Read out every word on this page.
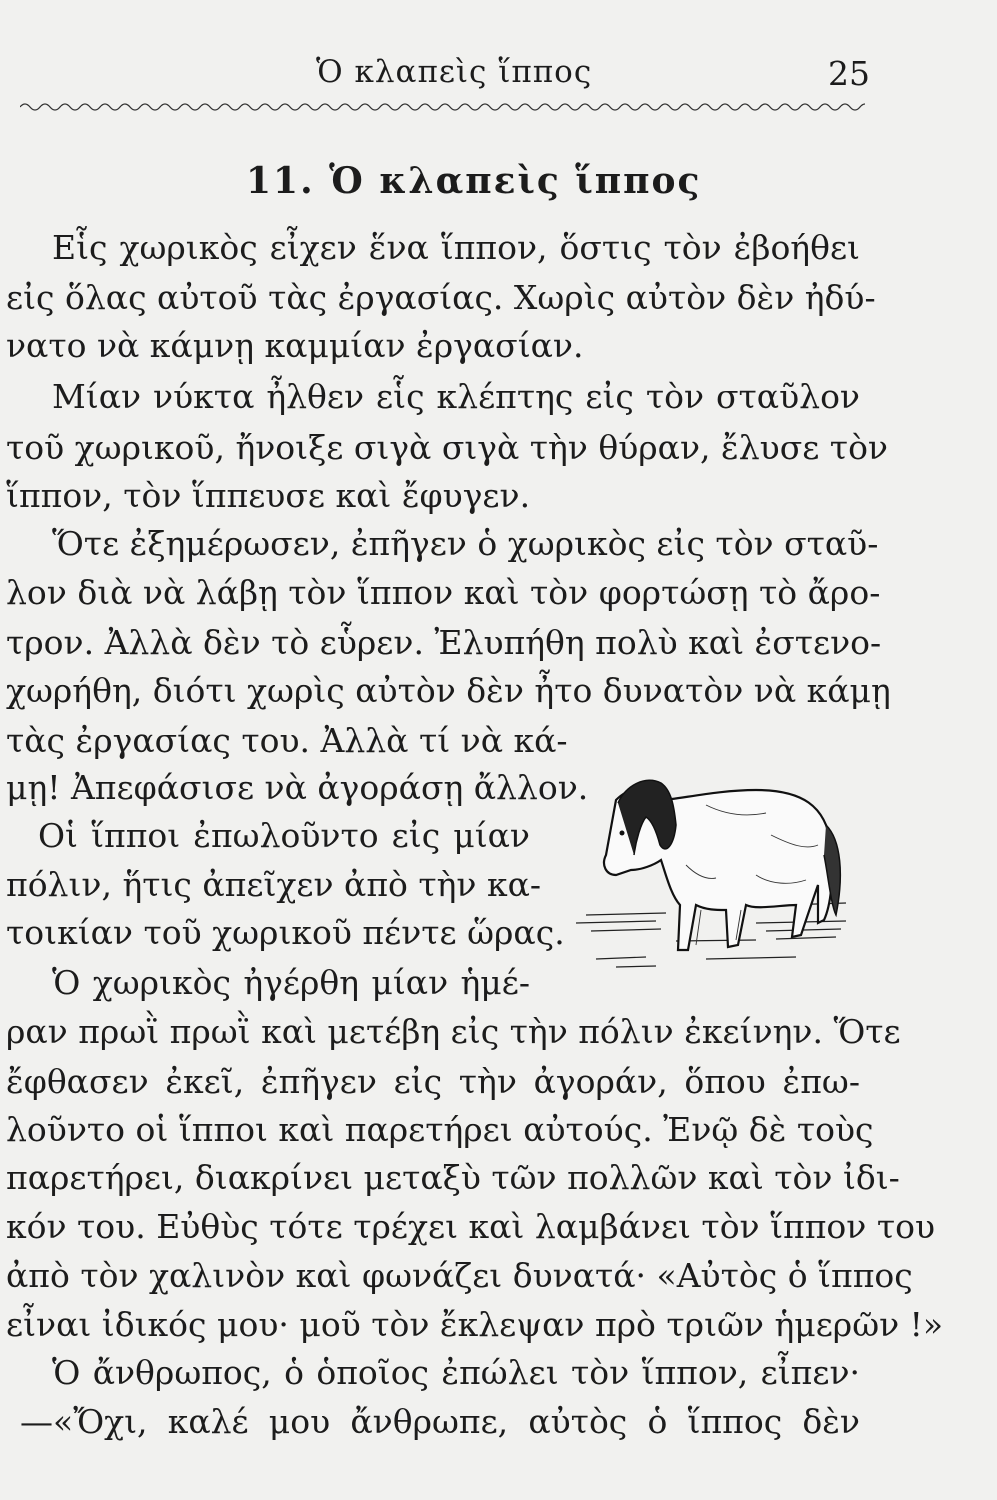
Ὁ κλαπεὶς ἵππος	25
11. Ὁ κλαπεὶς ἵππος
Εἷς χωρικὸς εἶχεν ἕνα ἵππον, ὅστις τὸν ἐβοήθει
εἰς ὅλας αὐτοῦ τὰς ἐργασίας. Χωρὶς αὐτὸν δὲν ἠδύ-
νατο νὰ κάμνῃ καμμίαν ἐργασίαν.
Μίαν νύκτα ἦλθεν εἷς κλέπτης εἰς τὸν σταῦλον
τοῦ χωρικοῦ, ἤνοιξε σιγὰ σιγὰ τὴν θύραν, ἔλυσε τὸν
ἵππον, τὸν ἵππευσε καὶ ἔφυγεν.
Ὅτε ἐξημέρωσεν, ἐπῆγεν ὁ χωρικὸς εἰς τὸν σταῦ-
λον διὰ νὰ λάβῃ τὸν ἵππον καὶ τὸν φορτώσῃ τὸ ἄρο-
τρον. Ἀλλὰ δὲν τὸ εὗρεν. Ἐλυπήθη πολὺ καὶ ἐστενο-
χωρήθη, διότι χωρὶς αὐτὸν δὲν ἦτο δυνατὸν νὰ κάμῃ
τὰς ἐργασίας του. Ἀλλὰ τί νὰ κά-
μῃ! Ἀπεφάσισε νὰ ἀγοράσῃ ἄλλον.
Οἱ ἵπποι ἐπωλοῦντο εἰς μίαν
πόλιν, ἥτις ἀπεῖχεν ἀπὸ τὴν κα-
τοικίαν τοῦ χωρικοῦ πέντε ὥρας.
Ὁ χωρικὸς ἠγέρθη μίαν ἡμέ-
ραν πρωῒ πρωῒ καὶ μετέβη εἰς τὴν πόλιν ἐκείνην. Ὅτε
ἔφθασεν ἐκεῖ, ἐπῆγεν εἰς τὴν ἀγοράν, ὅπου ἐπω-
λοῦντο οἱ ἵπποι καὶ παρετήρει αὐτούς. Ἐνῷ δὲ τοὺς
παρετήρει, διακρίνει μεταξὺ τῶν πολλῶν καὶ τὸν ἰδι-
κόν του. Εὐθὺς τότε τρέχει καὶ λαμβάνει τὸν ἵππον του
ἀπὸ τὸν χαλινὸν καὶ φωνάζει δυνατά· «Αὐτὸς ὁ ἵππος
εἶναι ἰδικός μου· μοῦ τὸν ἔκλεψαν πρὸ τριῶν ἡμερῶν !»
Ὁ ἄνθρωπος, ὁ ὁποῖος ἐπώλει τὸν ἵππον, εἶπεν·
—«Ὄχι, καλέ μου ἄνθρωπε, αὐτὸς ὁ ἵππος δὲν
